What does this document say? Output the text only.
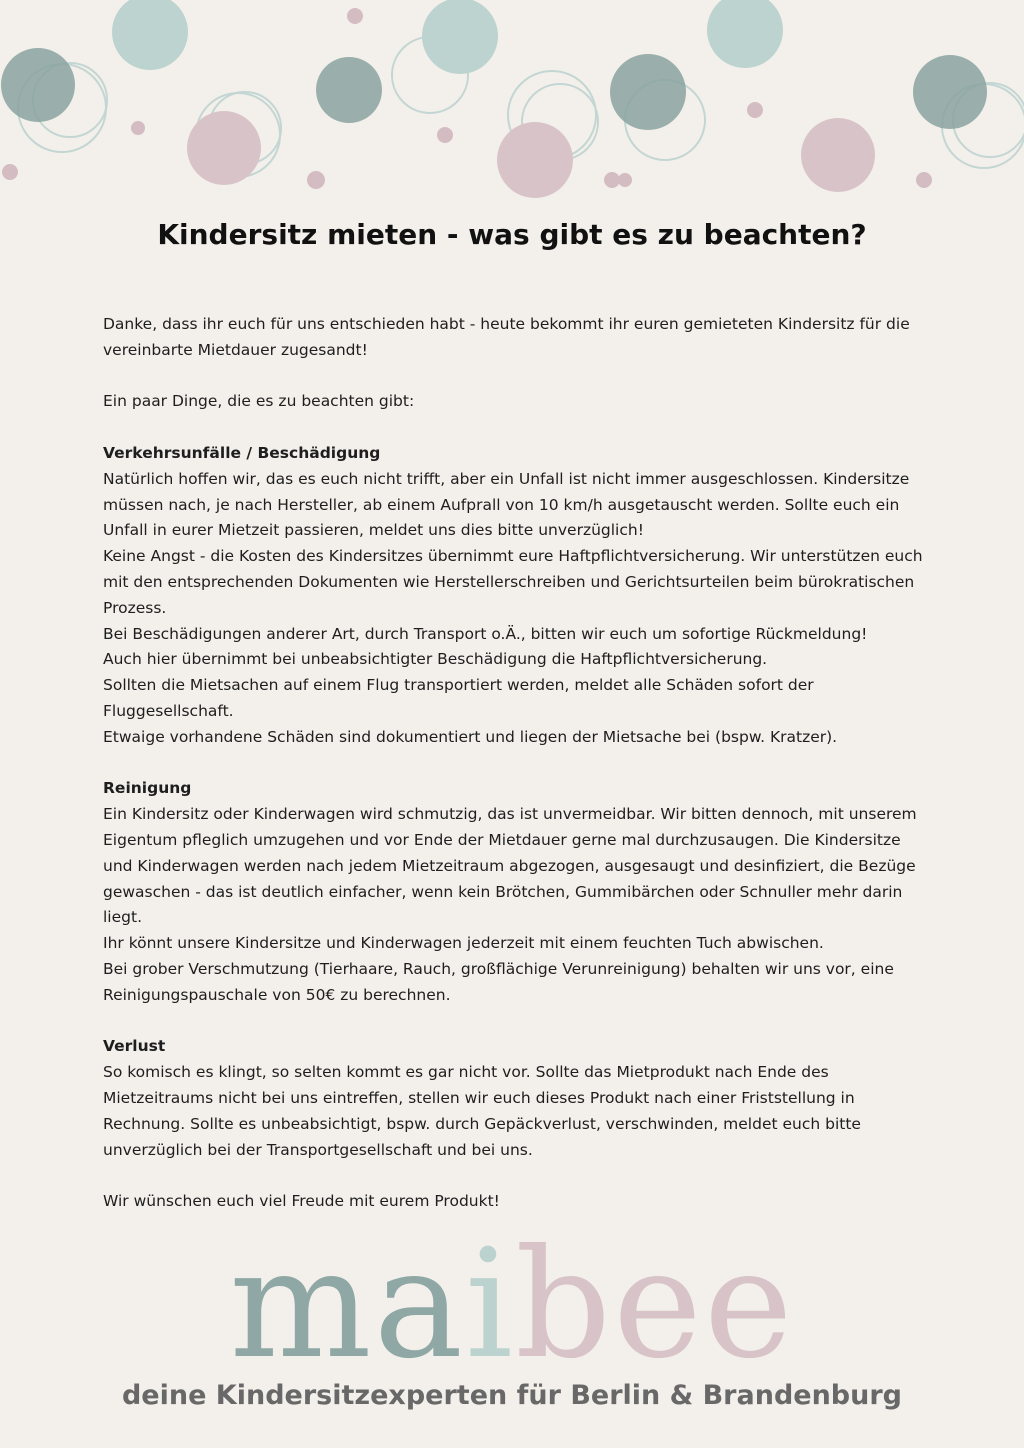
Kindersitz mieten - was gibt es zu beachten?

Danke, dass ihr euch für uns entschieden habt - heute bekommt ihr euren gemieteten Kindersitz für die vereinbarte Mietdauer zugesandt!

Ein paar Dinge, die es zu beachten gibt:

Verkehrsunfälle / Beschädigung

Natürlich hoffen wir, das es euch nicht trifft, aber ein Unfall ist nicht immer ausgeschlossen. Kindersitze müssen nach, je nach Hersteller, ab einem Aufprall von 10 km/h ausgetauscht werden. Sollte euch ein Unfall in eurer Mietzeit passieren, meldet uns dies bitte unverzüglich!

Keine Angst - die Kosten des Kindersitzes übernimmt eure Haftpflichtversicherung. Wir unterstützen euch mit den entsprechenden Dokumenten wie Herstellerschreiben und Gerichtsurteilen beim bürokratischen Prozess.

Bei Beschädigungen anderer Art, durch Transport o.Ä., bitten wir euch um sofortige Rückmeldung!

Auch hier übernimmt bei unbeabsichtigter Beschädigung die Haftpflichtversicherung.

Sollten die Mietsachen auf einem Flug transportiert werden, meldet alle Schäden sofort der Fluggesellschaft.

Etwaige vorhandene Schäden sind dokumentiert und liegen der Mietsache bei (bspw. Kratzer).

Reinigung

Ein Kindersitz oder Kinderwagen wird schmutzig, das ist unvermeidbar. Wir bitten dennoch, mit unserem Eigentum pfleglich umzugehen und vor Ende der Mietdauer gerne mal durchzusaugen. Die Kindersitze und Kinderwagen werden nach jedem Mietzeitraum abgezogen, ausgesaugt und desinfiziert, die Bezüge gewaschen - das ist deutlich einfacher, wenn kein Brötchen, Gummibärchen oder Schnuller mehr darin liegt.

Ihr könnt unsere Kindersitze und Kinderwagen jederzeit mit einem feuchten Tuch abwischen.

Bei grober Verschmutzung (Tierhaare, Rauch, großflächige Verunreinigung) behalten wir uns vor, eine Reinigungspauschale von 50€ zu berechnen.

Verlust

So komisch es klingt, so selten kommt es gar nicht vor. Sollte das Mietprodukt nach Ende des Mietzeitraums nicht bei uns eintreffen, stellen wir euch dieses Produkt nach einer Friststellung in Rechnung. Sollte es unbeabsichtigt, bspw. durch Gepäckverlust, verschwinden, meldet euch bitte unverzüglich bei der Transportgesellschaft und bei uns.

Wir wünschen euch viel Freude mit eurem Produkt!

maibee
deine Kindersitzexperten für Berlin & Brandenburg
